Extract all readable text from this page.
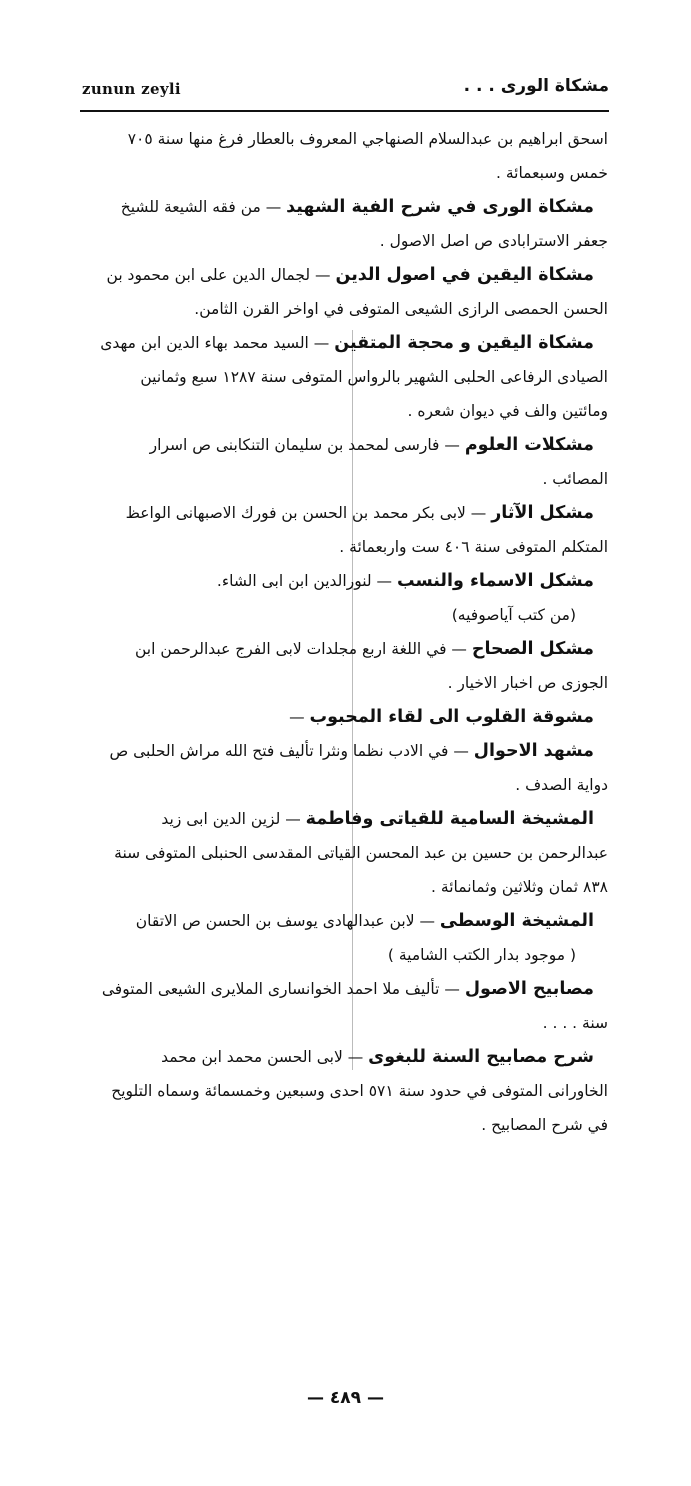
zunun zeyli	مشكاة الورى . . .

اسحق ابراهيم بن عبدالسلام الصنهاجي المعروف بالعطار فرغ منها سنة ٧٠٥ خمس وسبعمائة .

مشكاة الورى في شرح الفية الشهيد — من فقه الشيعة للشيخ جعفر الاسترابادى ص اصل الاصول .

مشكاة اليقين في اصول الدين — لجمال الدين على ابن محمود بن الحسن الحمصى الرازى الشيعى المتوفى في اواخر القرن الثامن.

مشكاة اليقين و محجة المتقين — السيد محمد بهاء الدين ابن مهدى الصيادى الرفاعى الحلبى الشهير بالرواس المتوفى سنة ١٢٨٧ سبع وثمانين ومائتين والف في ديوان شعره .

مشكلات العلوم — فارسى لمحمد بن سليمان التنكابنى ص اسرار المصائب .

مشكل الآثار — لابى بكر محمد بن الحسن بن فورك الاصبهانى الواعظ المتكلم المتوفى سنة ٤٠٦ ست واربعمائة .

مشكل الاسماء والنسب — لنورالدين ابن ابى الشاء.
(من كتب آياصوفيه)

مشكل الصحاح — في اللغة اربع مجلدات لابى الفرج عبدالرحمن ابن الجوزى ص اخبار الاخيار .

مشوقة القلوب الى لقاء المحبوب —

مشهد الاحوال — في الادب نظما ونثرا تأليف فتح الله مراش الحلبى ص دواية الصدف .

المشيخة السامية للقياتى وفاطمة — لزين الدين ابى زيد عبدالرحمن بن حسين بن عبد المحسن القياتى المقدسى الحنبلى المتوفى سنة ٨٣٨ ثمان وثلاثين وثمانمائة .

المشيخة الوسطى — لابن عبدالهادى يوسف بن الحسن ص الاتقان
( موجود بدار الكتب الشامية )

مصابيح الاصول — تأليف ملا احمد الخوانسارى الملايرى الشيعى المتوفى سنة . . . .

شرح مصابيح السنة للبغوى — لابى الحسن محمد ابن محمد الخاورانى المتوفى في حدود سنة ٥٧١ احدى وسبعين وخمسمائة وسماه التلويح في شرح المصابيح .

— ٤٨٩ —
